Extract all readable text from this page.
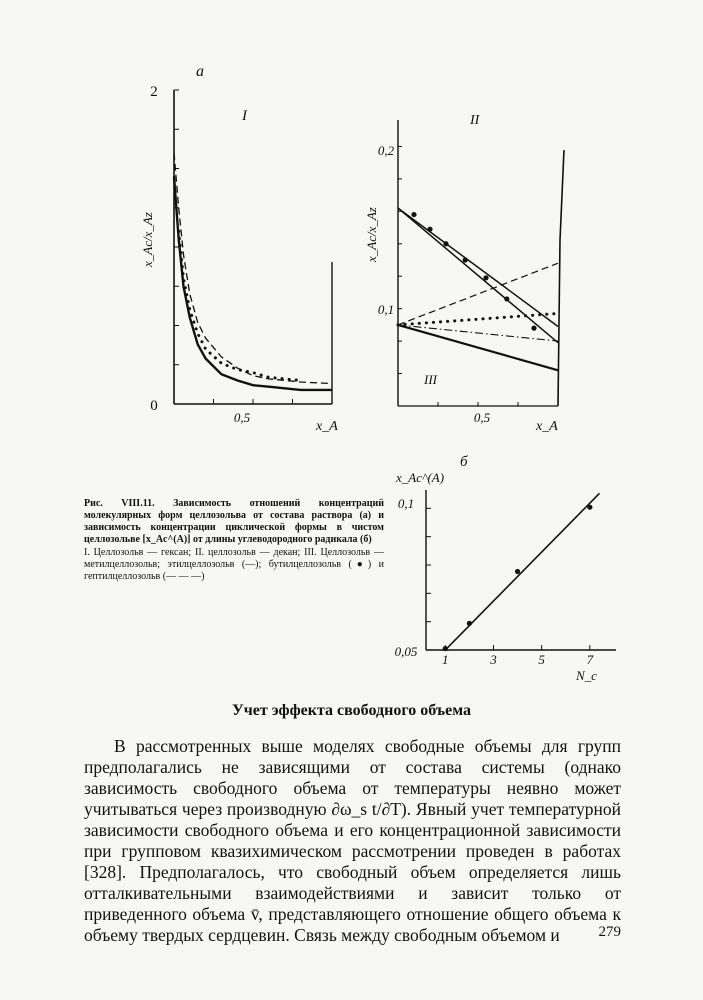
а
I
2
0
0,5
x_A
x_Ac/x_Az
II
III
0,2
0,1
0,5
x_A
x_Ac/x_Az
б
x_Ac^(A)
0,1
0,05
N_c
1	3	5	7
Рис. VIII.11. Зависимость отношений концентраций молекулярных форм целлозольва от состава раствора (а) и зависимость концентрации циклической формы в чистом целлозольве [x_Ac^(A)] от длины углеводородного радикала (б)
I. Целлозольв — гексан; II. целлозольв — декан; III. Целлозольв — метилцеллозольв; этилцеллозольв (—); бутилцеллозольв (●) и гептилцеллозольв (— — —)
Учет эффекта свободного объема

В рассмотренных выше моделях свободные объемы для групп предполагались не зависящими от состава системы (однако зависимость свободного объема от температуры неявно может учитываться через производную ∂ω_s t/∂T). Явный учет температурной зависимости свободного объема и его концентрационной зависимости при групповом квазихимическом рассмотрении проведен в работах [328]. Предполагалось, что свободный объем определяется лишь отталкивательными взаимодействиями и зависит только от приведенного объема v̄, представляющего отношение общего объема к объему твердых сердцевин. Связь между свободным объемом и	279
